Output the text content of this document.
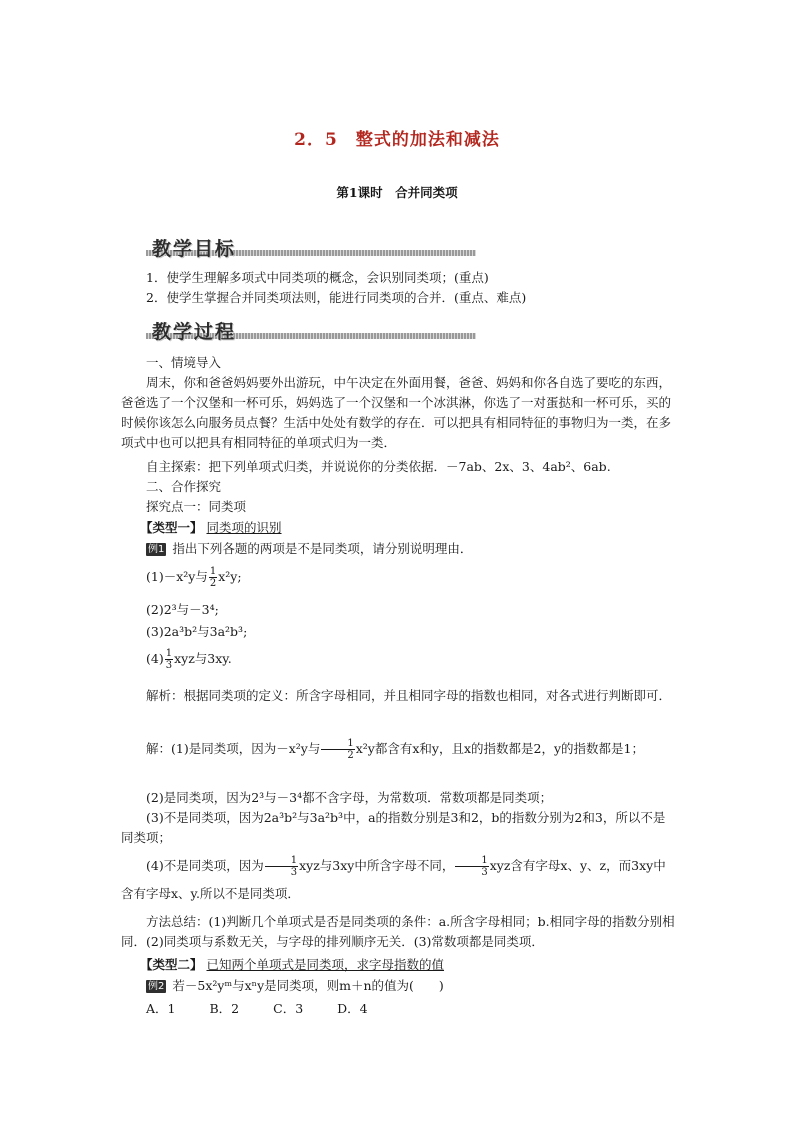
2．5　整式的加法和减法
第1课时　合并同类项
教学目标
1．使学生理解多项式中同类项的概念，会识别同类项；(重点)
2．使学生掌握合并同类项法则，能进行同类项的合并．(重点、难点)
教学过程
一、情境导入
周末，你和爸爸妈妈要外出游玩，中午决定在外面用餐，爸爸、妈妈和你各自选了要吃的东西，爸爸选了一个汉堡和一杯可乐，妈妈选了一个汉堡和一个冰淇淋，你选了一对蛋挞和一杯可乐，买的时候你该怎么向服务员点餐？生活中处处有数学的存在．可以把具有相同特征的事物归为一类，在多项式中也可以把具有相同特征的单项式归为一类．
自主探索：把下列单项式归类，并说说你的分类依据．－7ab、2x、3、4ab²、6ab.
二、合作探究
探究点一：同类项
【类型一】 同类项的识别
例1 指出下列各题的两项是不是同类项，请分别说明理由．
(1)－x²y与 $\frac{1}{2} x^2y$;
(2)2³与－3⁴;
(3)2a³b²与3a²b³;
$(4) \frac{1}{3}$ xyz与3xy.
解析：根据同类项的定义：所含字母相同，并且相同字母的指数也相同，对各式进行判断即可．
解：(1)是同类项，因为－x²y与 $\frac{1}{2} x^2y$都含有x和y，且x的指数都是2，y的指数都是1；
(2)是同类项，因为2³与－3⁴都不含字母，为常数项．常数项都是同类项；
(3)不是同类项，因为2a³b²与3a²b³中，a的指数分别是3和2，b的指数分别为2和3，所以不是同类项；
(4)不是同类项，因为 $\frac{1}{3}$ xyz与3xy中所含字母不同， $\frac{1}{3}$ xyz含有字母x、y、z，而3xy中含有字母x、y.所以不是同类项．
方法总结：(1)判断几个单项式是否是同类项的条件：a.所含字母相同；b.相同字母的指数分别相同．(2)同类项与系数无关，与字母的排列顺序无关．(3)常数项都是同类项．
【类型二】 已知两个单项式是同类项，求字母指数的值
例2 若－5x²yᵐ与xⁿy是同类项，则m＋n的值为(　　)
A．1	B．2	C．3	D．4
